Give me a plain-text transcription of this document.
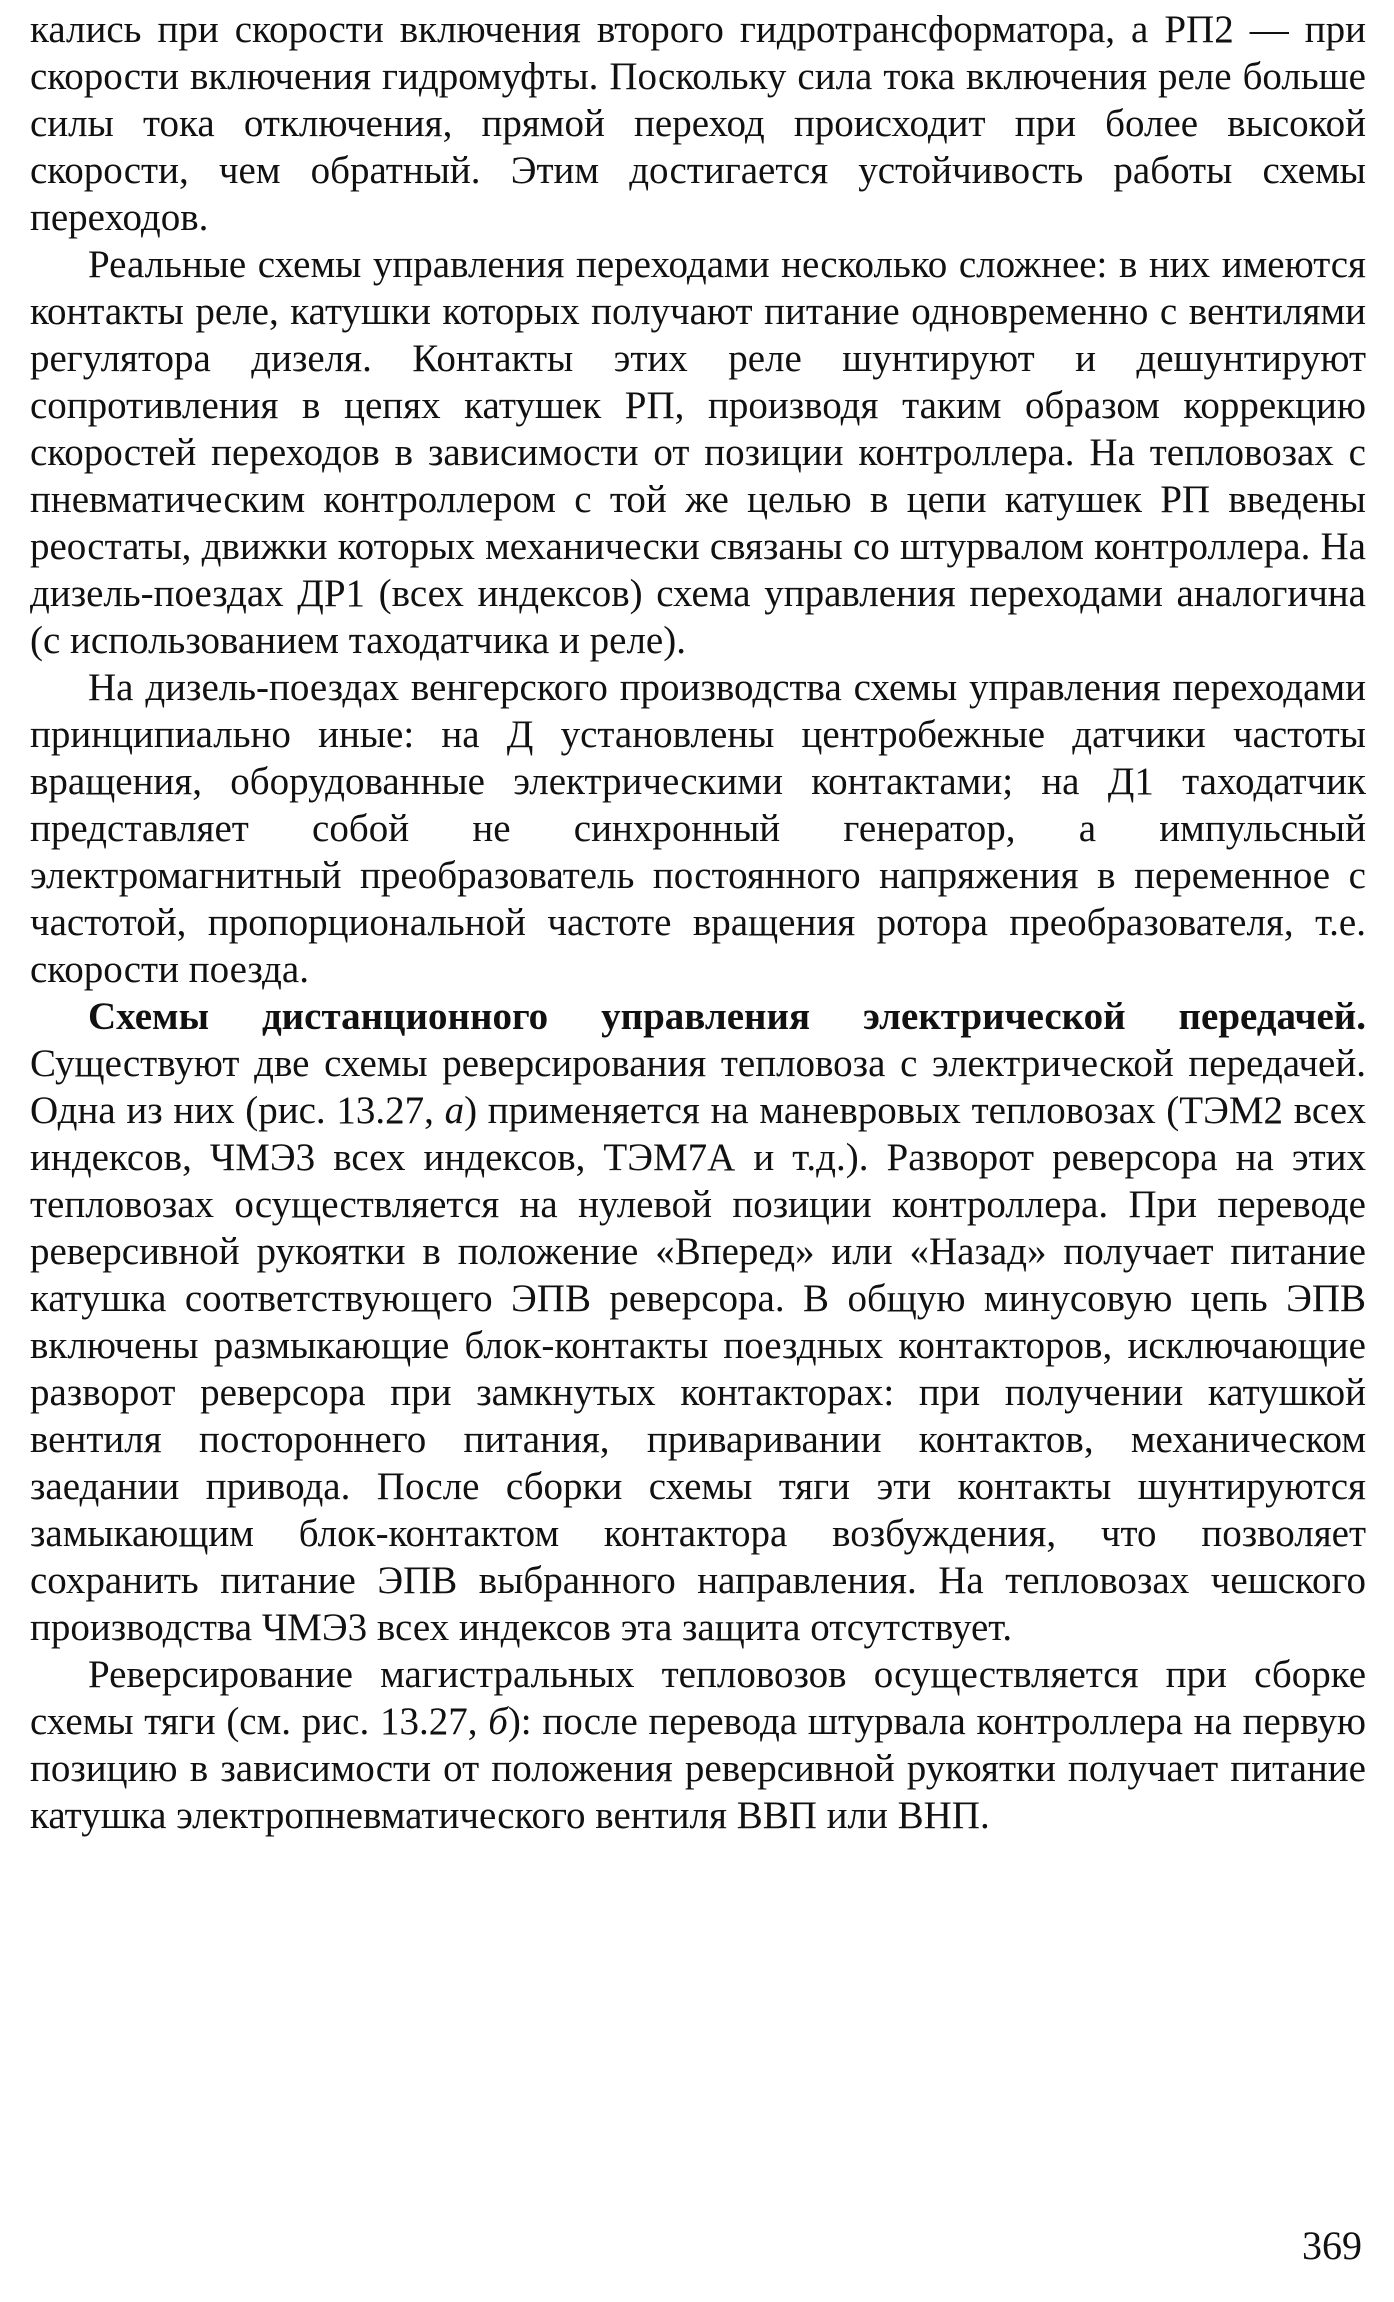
кались при скорости включения второго гидротрансформатора, а РП2 — при скорости включения гидромуфты. Поскольку сила тока включения реле больше силы тока отключения, прямой переход происходит при более высокой скорости, чем обратный. Этим достигается устойчивость работы схемы переходов.

Реальные схемы управления переходами несколько сложнее: в них имеются контакты реле, катушки которых получают питание одновременно с вентилями регулятора дизеля. Контакты этих реле шунтируют и дешунтируют сопротивления в цепях катушек РП, производя таким образом коррекцию скоростей переходов в зависимости от позиции контроллера. На тепловозах с пневматическим контроллером с той же целью в цепи катушек РП введены реостаты, движки которых механически связаны со штурвалом контроллера. На дизель-поездах ДР1 (всех индексов) схема управления переходами аналогична (с использованием таходатчика и реле).

На дизель-поездах венгерского производства схемы управления переходами принципиально иные: на Д установлены центробежные датчики частоты вращения, оборудованные электрическими контактами; на Д1 таходатчик представляет собой не синхронный генератор, а импульсный электромагнитный преобразователь постоянного напряжения в переменное с частотой, пропорциональной частоте вращения ротора преобразователя, т.е. скорости поезда.

Схемы дистанционного управления электрической передачей. Существуют две схемы реверсирования тепловоза с электрической передачей. Одна из них (рис. 13.27, а) применяется на маневровых тепловозах (ТЭМ2 всех индексов, ЧМЭ3 всех индексов, ТЭМ7А и т.д.). Разворот реверсора на этих тепловозах осуществляется на нулевой позиции контроллера. При переводе реверсивной рукоятки в положение «Вперед» или «Назад» получает питание катушка соответствующего ЭПВ реверсора. В общую минусовую цепь ЭПВ включены размыкающие блок-контакты поездных контакторов, исключающие разворот реверсора при замкнутых контакторах: при получении катушкой вентиля постороннего питания, приваривании контактов, механическом заедании привода. После сборки схемы тяги эти контакты шунтируются замыкающим блок-контактом контактора возбуждения, что позволяет сохранить питание ЭПВ выбранного направления. На тепловозах чешского производства ЧМЭ3 всех индексов эта защита отсутствует.

Реверсирование магистральных тепловозов осуществляется при сборке схемы тяги (см. рис. 13.27, б): после перевода штурвала контроллера на первую позицию в зависимости от положения реверсивной рукоятки получает питание катушка электропневматического вентиля ВВП или ВНП.

369
